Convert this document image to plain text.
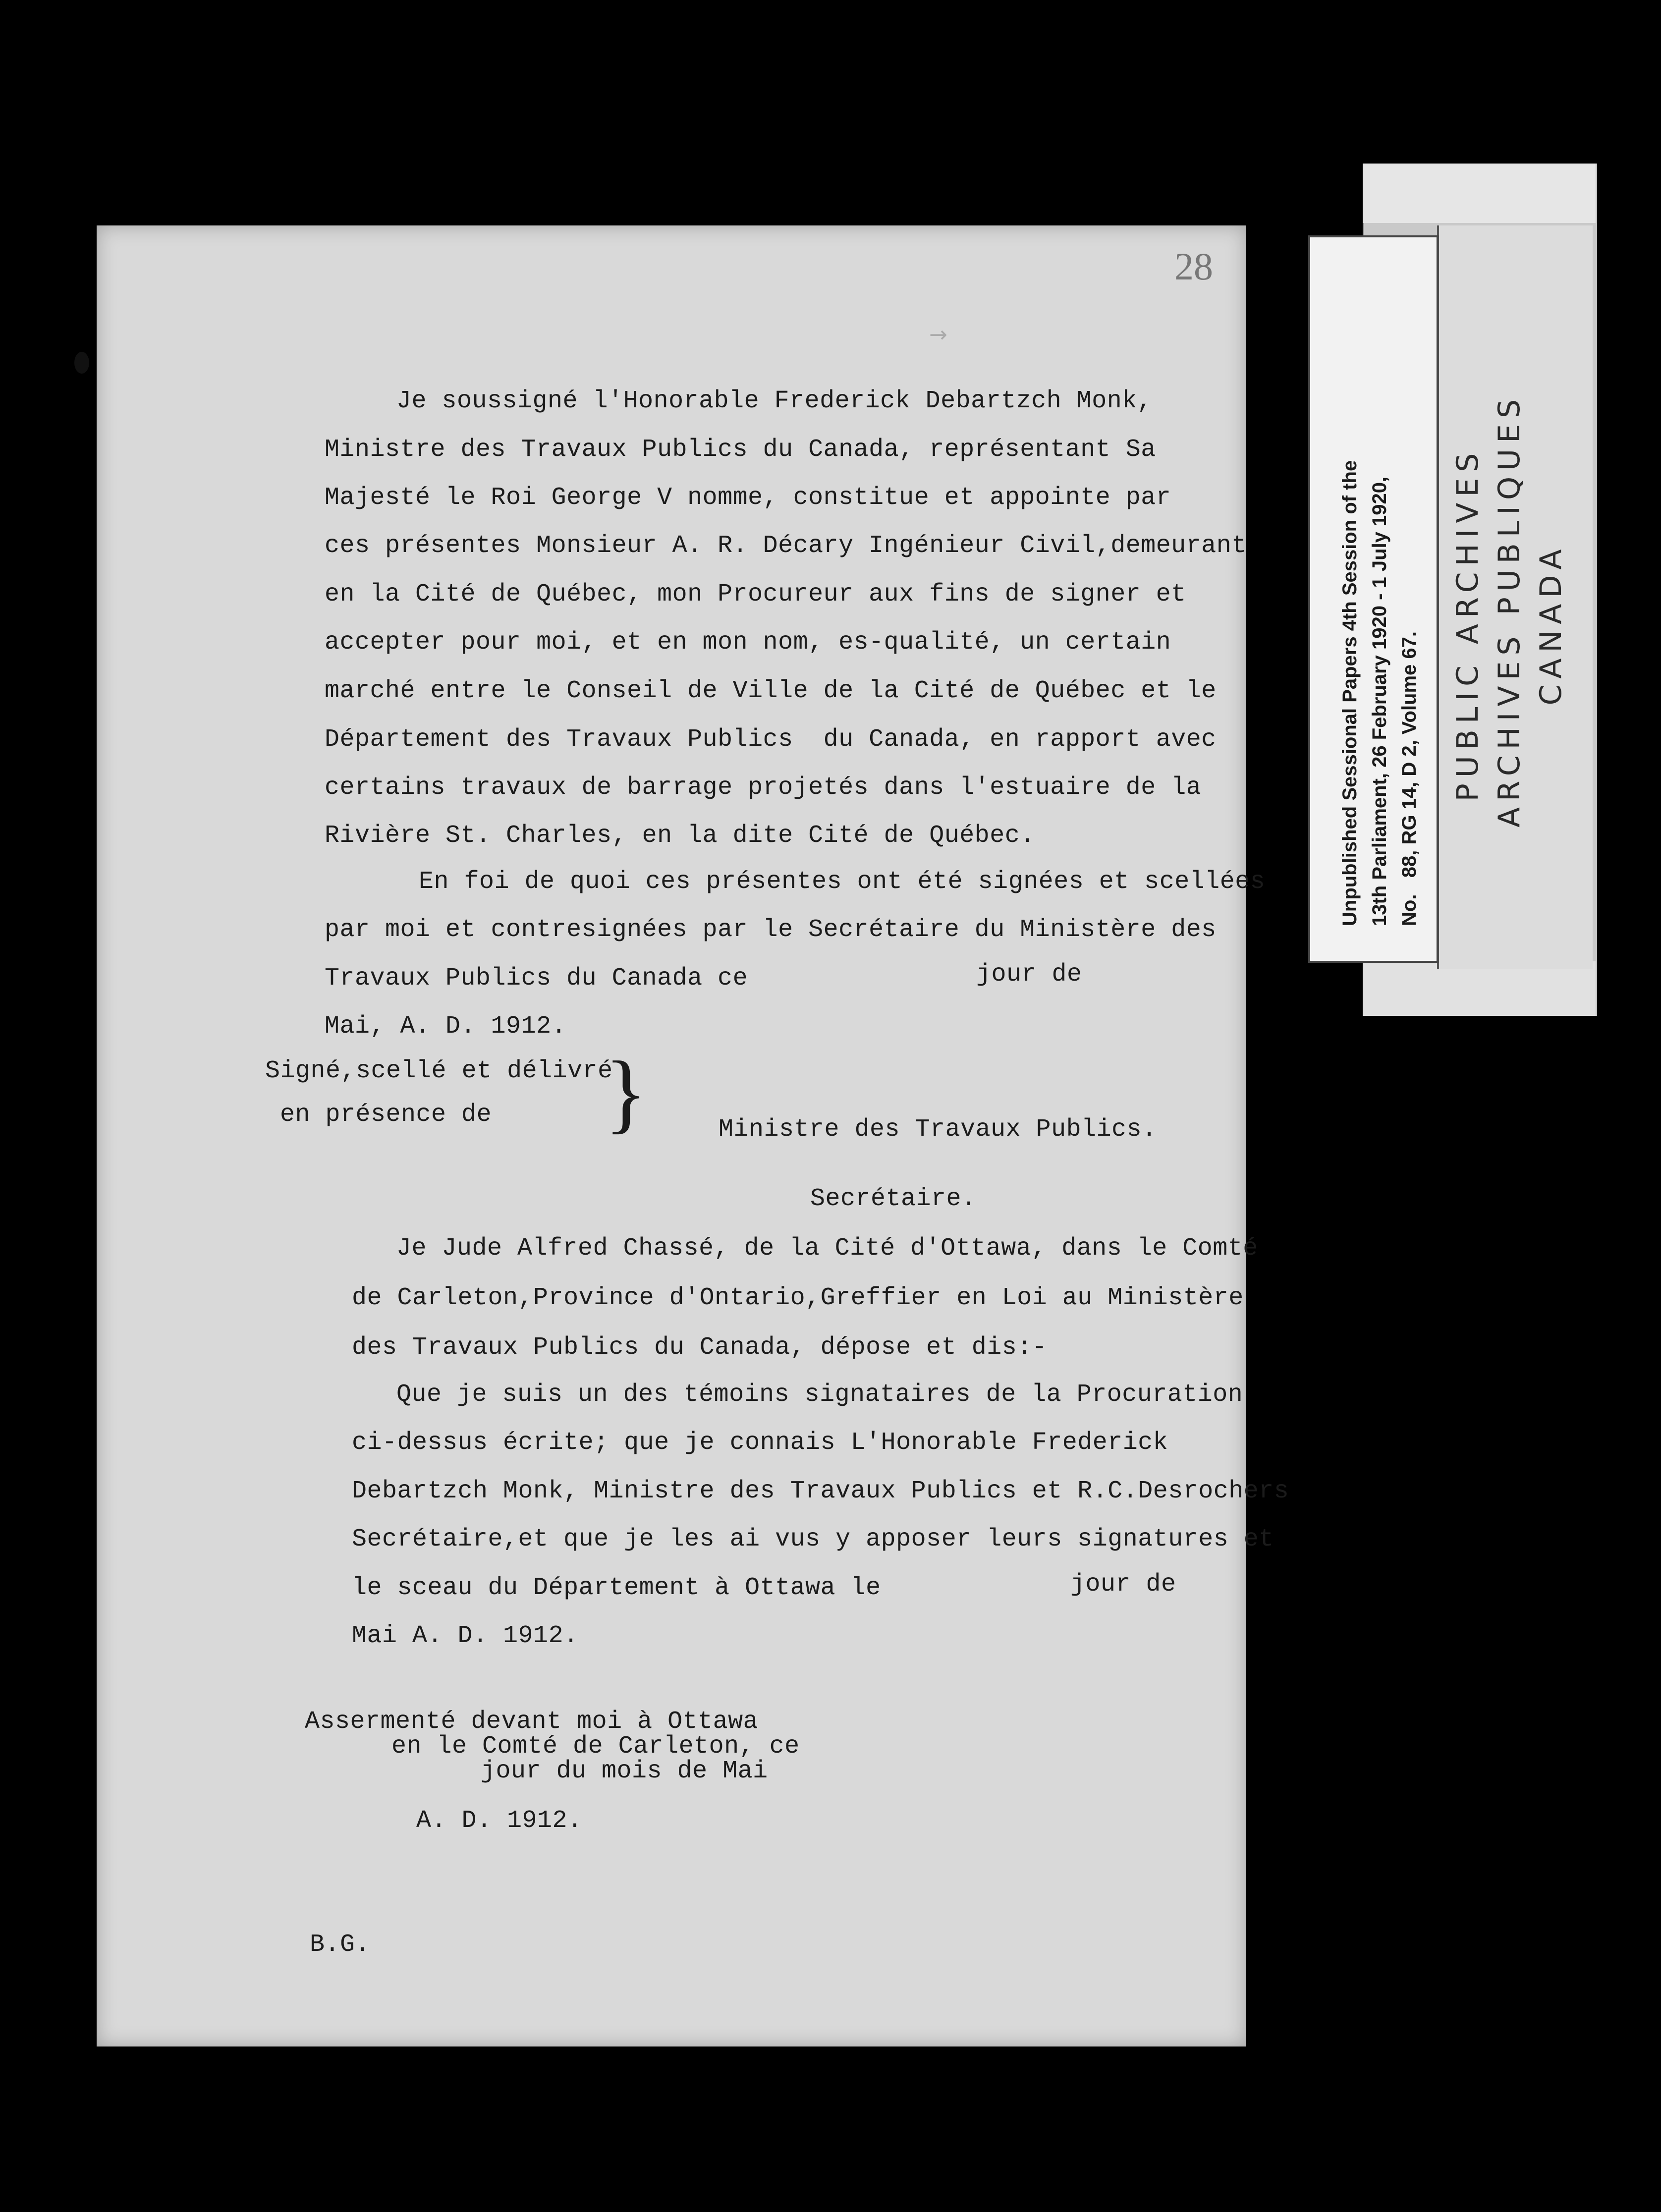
28
→
Je soussigné l'Honorable Frederick Debartzch Monk,
Ministre des Travaux Publics du Canada, représentant Sa
Majesté le Roi George V nomme, constitue et appointe par
ces présentes Monsieur A. R. Décary Ingénieur Civil,demeurant
en la Cité de Québec, mon Procureur aux fins de signer et
accepter pour moi, et en mon nom, es-qualité, un certain
marché entre le Conseil de Ville de la Cité de Québec et le
Département des Travaux Publics  du Canada, en rapport avec
certains travaux de barrage projetés dans l'estuaire de la
Rivière St. Charles, en la dite Cité de Québec.
En foi de quoi ces présentes ont été signées et scellées
par moi et contresignées par le Secrétaire du Ministère des
Travaux Publics du Canada ce	jour de
Mai, A. D. 1912.
Signé,scellé et délivré
en présence de }	Ministre des Travaux Publics.
Secrétaire.
Je Jude Alfred Chassé, de la Cité d'Ottawa, dans le Comté
de Carleton,Province d'Ontario,Greffier en Loi au Ministère
des Travaux Publics du Canada, dépose et dis:-
Que je suis un des témoins signataires de la Procuration
ci-dessus écrite; que je connais L'Honorable Frederick
Debartzch Monk, Ministre des Travaux Publics et R.C.Desrochers
Secrétaire,et que je les ai vus y apposer leurs signatures et
le sceau du Département à Ottawa le	jour de
Mai A. D. 1912.
Assermenté devant moi à Ottawa
en le Comté de Carleton, ce
jour du mois de Mai
A. D. 1912.
B.G.
Unpublished Sessional Papers 4th Session of the 13th Parliament, 26 February 1920 - 1 July 1920, No.   88, RG 14, D 2, Volume 67. PUBLIC ARCHIVES ARCHIVES PUBLIQUES CANADA
